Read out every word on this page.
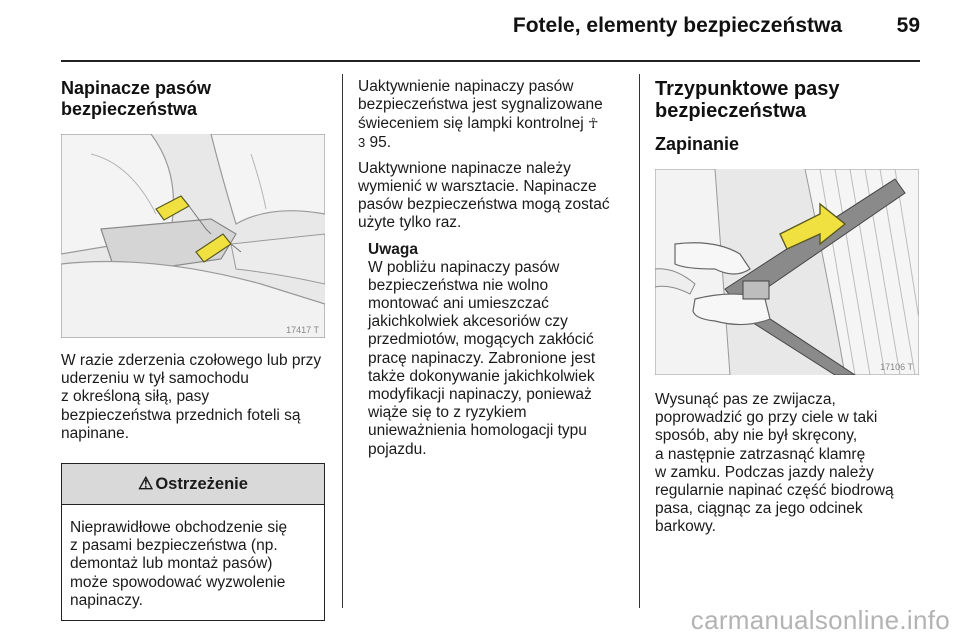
Fotele, elementy bezpieczeństwa	59
Napinacze pasów
bezpieczeństwa
17417 T

W razie zderzenia czołowego lub przy
uderzeniu w tył samochodu
z określoną siłą, pasy
bezpieczeństwa przednich foteli są
napinane.

⚠ Ostrzeżenie
Nieprawidłowe obchodzenie się
z pasami bezpieczeństwa (np.
demontaż lub montaż pasów)
może spowodować wyzwolenie
napinaczy.

Uaktywnienie napinaczy pasów
bezpieczeństwa jest sygnalizowane
świeceniem się lampki kontrolnej ☥
3 95.

Uaktywnione napinacze należy
wymienić w warsztacie. Napinacze
pasów bezpieczeństwa mogą zostać
użyte tylko raz.

Uwaga

W pobliżu napinaczy pasów
bezpieczeństwa nie wolno
montować ani umieszczać
jakichkolwiek akcesoriów czy
przedmiotów, mogących zakłócić
pracę napinaczy. Zabronione jest
także dokonywanie jakichkolwiek
modyfikacji napinaczy, ponieważ
wiąże się to z ryzykiem
unieważnienia homologacji typu
pojazdu.

Trzypunktowe pasy
bezpieczeństwa
Zapinanie
17106 T

Wysunąć pas ze zwijacza,
poprowadzić go przy ciele w taki
sposób, aby nie był skręcony,
a następnie zatrzasnąć klamrę
w zamku. Podczas jazdy należy
regularnie napinać część biodrową
pasa, ciągnąc za jego odcinek
barkowy.

carmanualsonline.info
